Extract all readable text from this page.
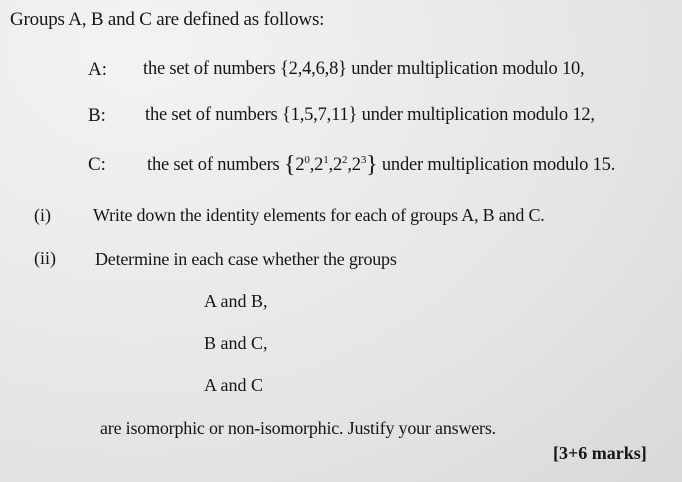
Groups A, B and C are defined as follows:
A: the set of numbers {2,4,6,8} under multiplication modulo 10,
B: the set of numbers {1,5,7,11} under multiplication modulo 12,
C: the set of numbers $\{2^0,2^1,2^2,2^3\}$ under multiplication modulo 15.
(i) Write down the identity elements for each of groups A, B and C.
(ii) Determine in each case whether the groups
A and B,
B and C,
A and C
are isomorphic or non-isomorphic. Justify your answers.
[3+6 marks]
